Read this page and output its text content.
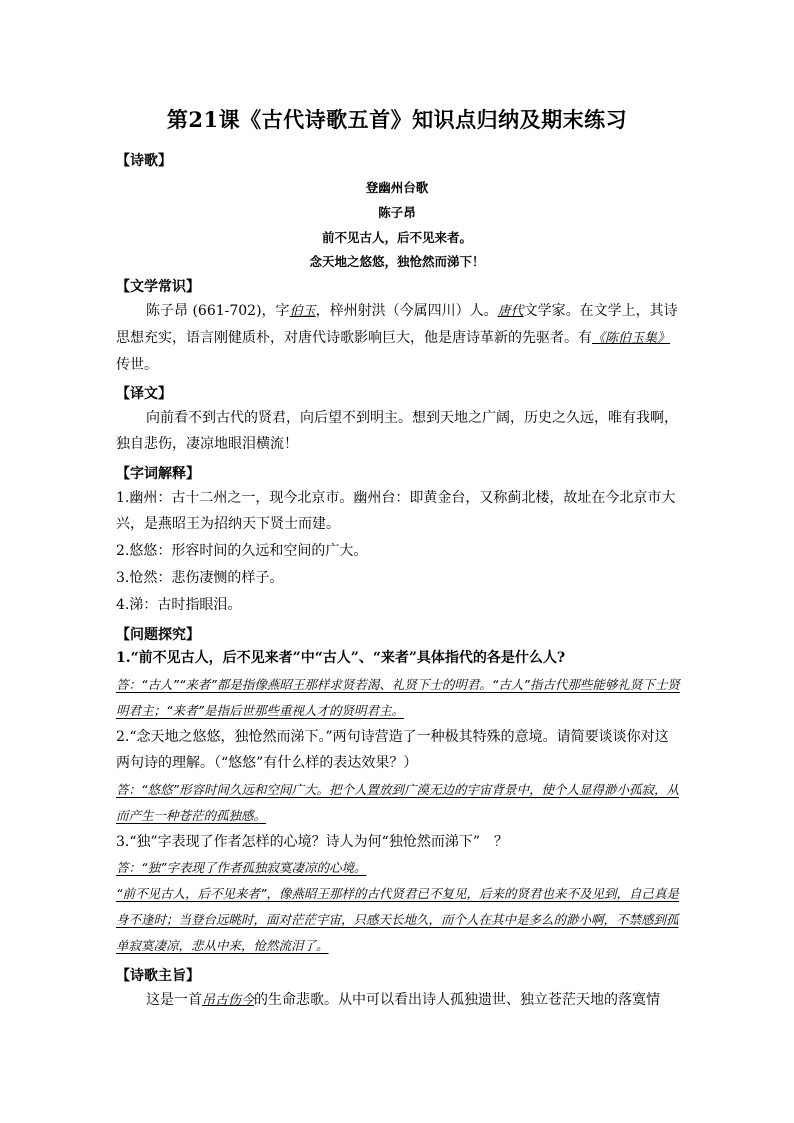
第21课《古代诗歌五首》知识点归纳及期末练习
【诗歌】
登幽州台歌
陈子昂
前不见古人，后不见来者。
念天地之悠悠，独怆然而涕下！
【文学常识】
陈子昂 (661-702)，字伯玉，梓州射洪（今属四川）人。唐代文学家。在文学上，其诗思想充实，语言刚健质朴，对唐代诗歌影响巨大，他是唐诗革新的先驱者。有《陈伯玉集》传世。
【译文】
向前看不到古代的贤君，向后望不到明主。想到天地之广阔，历史之久远，唯有我啊，独自悲伤，凄凉地眼泪横流！
【字词解释】
1.幽州：古十二州之一，现今北京市。幽州台：即黄金台，又称蓟北楼，故址在今北京市大兴，是燕昭王为招纳天下贤士而建。
2.悠悠：形容时间的久远和空间的广大。
3.怆然：悲伤凄恻的样子。
4.涕：古时指眼泪。
【问题探究】
1.“前不见古人，后不见来者”中“古人”、“来者”具体指代的各是什么人?
答：“古人”“来者”都是指像燕昭王那样求贤若渴、礼贤下士的明君。“古人”指古代那些能够礼贤下士贤明君主；“来者”是指后世那些重视人才的贤明君主。
2.“念天地之悠悠，独怆然而涕下。”两句诗营造了一种极其特殊的意境。请简要谈谈你对这两句诗的理解。（“悠悠”有什么样的表达效果？）
答：“悠悠”形容时间久远和空间广大。把个人置放到广漠无边的宇宙背景中，使个人显得渺小孤寂，从而产生一种苍茫的孤独感。
3.“独”字表现了作者怎样的心境？诗人为何“独怆然而涕下”　？
答：“独”字表现了作者孤独寂寞凄凉的心境。
“前不见古人，后不见来者”，像燕昭王那样的古代贤君已不复见，后来的贤君也来不及见到，自己真是身不逢时；当登台远眺时，面对茫茫宇宙，只感天长地久，而个人在其中是多么的渺小啊，不禁感到孤单寂寞凄凉，悲从中来，怆然流泪了。
【诗歌主旨】
这是一首吊古伤今的生命悲歌。从中可以看出诗人孤独遗世、独立苍茫天地的落寞情
